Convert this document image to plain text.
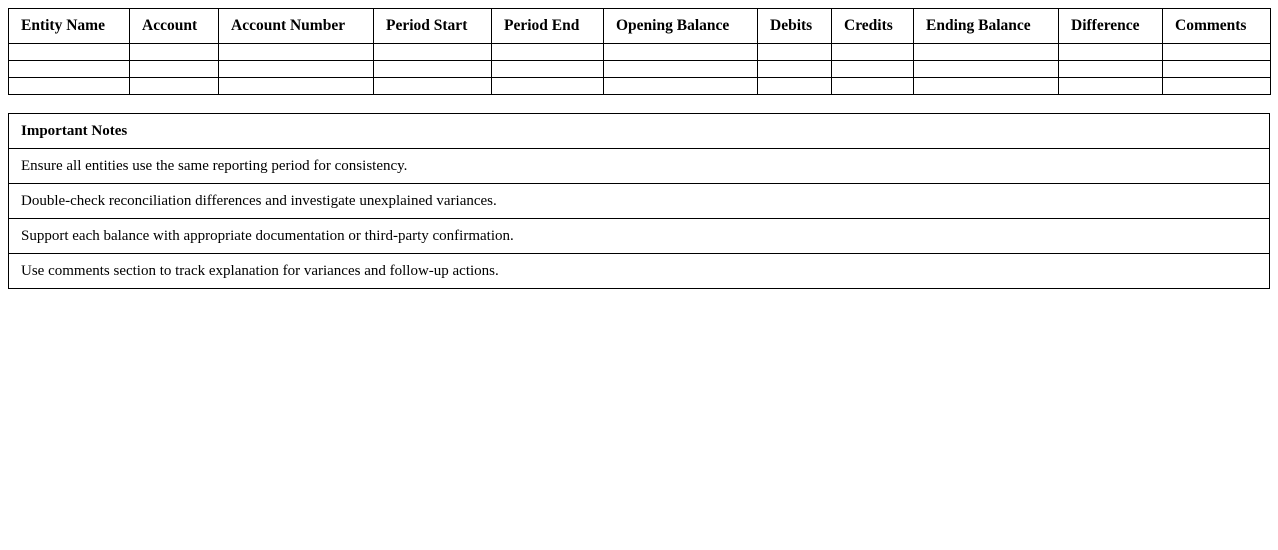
Entity Name	Account	Account Number	Period Start	Period End	Opening Balance	Debits	Credits	Ending Balance	Difference	Comments

Important Notes
Ensure all entities use the same reporting period for consistency.
Double-check reconciliation differences and investigate unexplained variances.
Support each balance with appropriate documentation or third-party confirmation.
Use comments section to track explanation for variances and follow-up actions.
